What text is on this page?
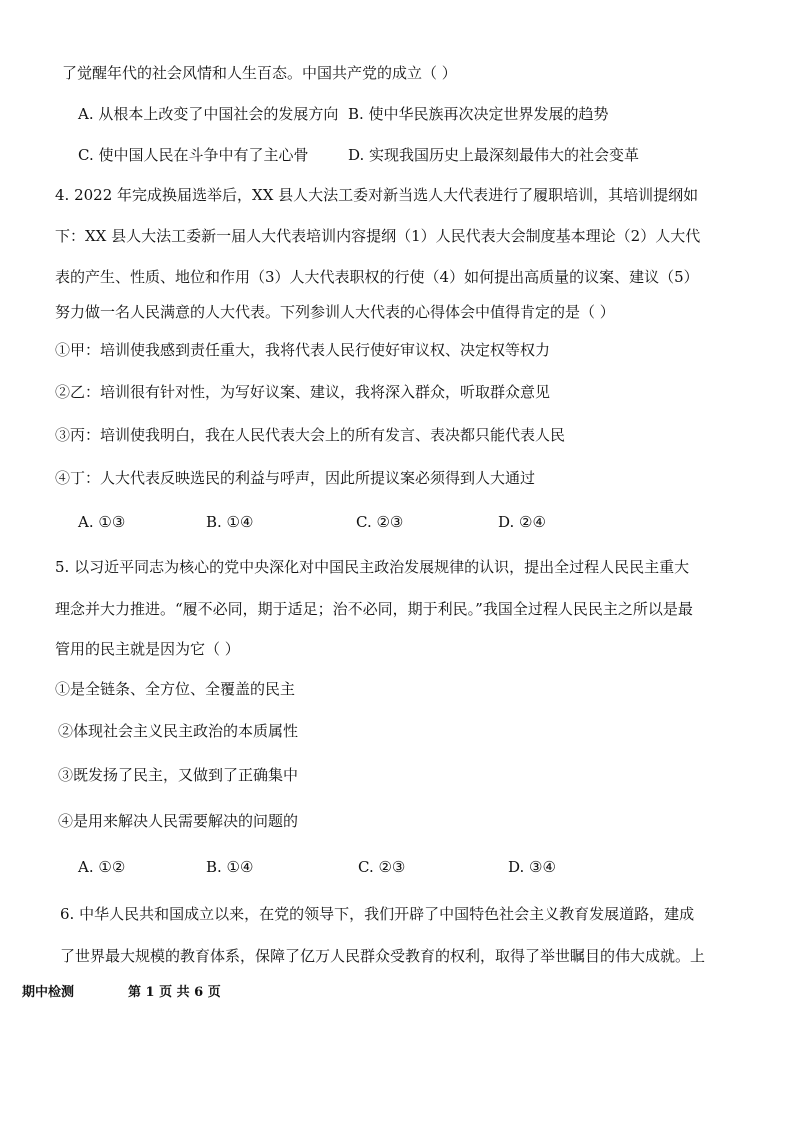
了觉醒年代的社会风情和人生百态。中国共产党的成立（ ）
A. 从根本上改变了中国社会的发展方向 B. 使中华民族再次决定世界发展的趋势
C. 使中国人民在斗争中有了主心骨	D. 实现我国历史上最深刻最伟大的社会变革
4. 2022 年完成换届选举后，XX 县人大法工委对新当选人大代表进行了履职培训，其培训提纲如
下：XX 县人大法工委新一届人大代表培训内容提纲（1）人民代表大会制度基本理论（2）人大代
表的产生、性质、地位和作用（3）人大代表职权的行使（4）如何提出高质量的议案、建议（5）
努力做一名人民满意的人大代表。下列参训人大代表的心得体会中值得肯定的是（ ）
①甲：培训使我感到责任重大，我将代表人民行使好审议权、决定权等权力
②乙：培训很有针对性，为写好议案、建议，我将深入群众，听取群众意见
③丙：培训使我明白，我在人民代表大会上的所有发言、表决都只能代表人民
④丁：人大代表反映选民的利益与呼声，因此所提议案必须得到人大通过
A. ①③	B. ①④	C. ②③	D. ②④
5. 以习近平同志为核心的党中央深化对中国民主政治发展规律的认识，提出全过程人民民主重大
理念并大力推进。“履不必同，期于适足；治不必同，期于利民。”我国全过程人民民主之所以是最
管用的民主就是因为它（ ）
①是全链条、全方位、全覆盖的民主
②体现社会主义民主政治的本质属性
③既发扬了民主，又做到了正确集中
④是用来解决人民需要解决的问题的
A. ①②	B. ①④	C. ②③	D. ③④
6. 中华人民共和国成立以来，在党的领导下，我们开辟了中国特色社会主义教育发展道路，建成
了世界最大规模的教育体系，保障了亿万人民群众受教育的权利，取得了举世瞩目的伟大成就。上
期中检测	第 1 页 共 6 页
